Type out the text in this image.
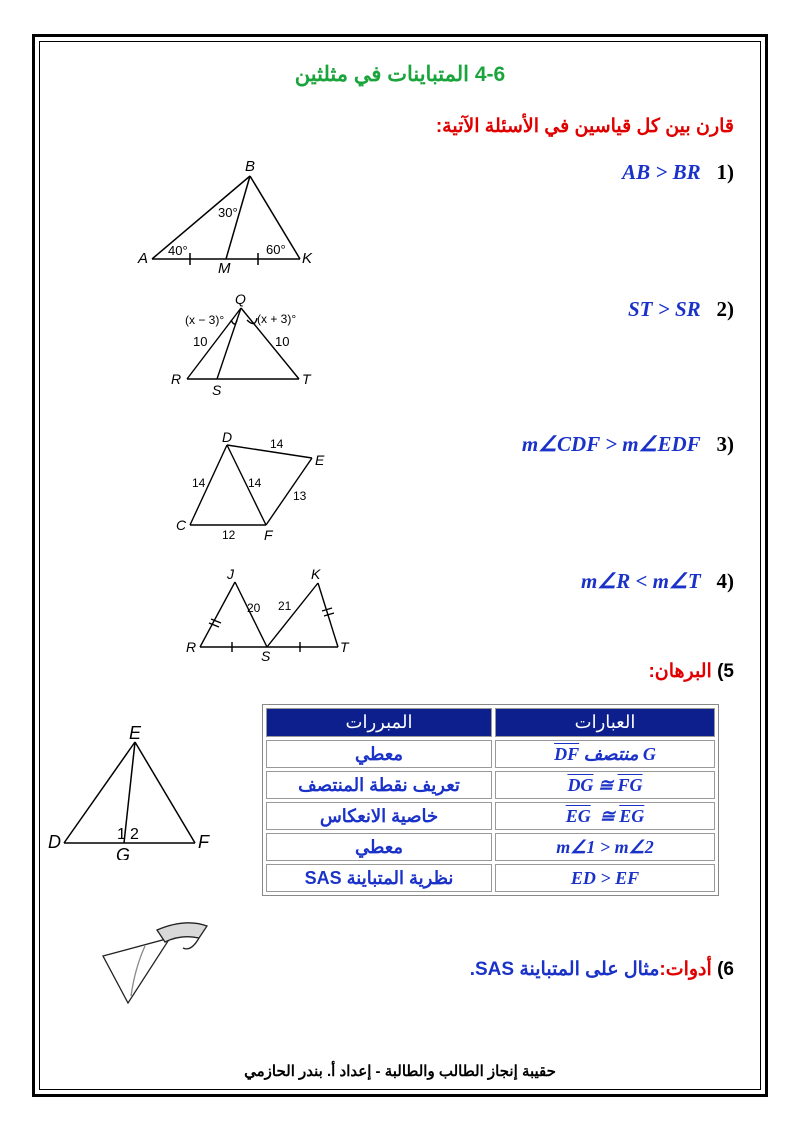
4-6 المتباينات في مثلثين
قارن بين كل قياسين في الأسئلة الآتية:
(1 AB > BR
(2 ST > SR
(3 m∠CDF > m∠EDF
(4 m∠R < m∠T
B
A
M
K
30°
40°	60°
Q
R
S
T
(x − 3)°	(x + 3)°
10	10
D
E
C
F
14
14	14
13
12
J	K
R
S
T
20 21
5) البرهان:
E
D
G
F
1 2
العبارات	المبررات
G منتصف DF	معطي
$\overline{DG}$ ≅ $\overline{FG}$	تعريف نقطة المنتصف
$\overline{EG}$  ≅ $\overline{EG}$	خاصية الانعكاس
m∠1 > m∠2	معطي
ED > EF	نظرية المتباينة SAS
6) أدوات:مثال على المتباينة SAS.
حقيبة إنجاز الطالب والطالبة - إعداد أ. بندر الحازمي
